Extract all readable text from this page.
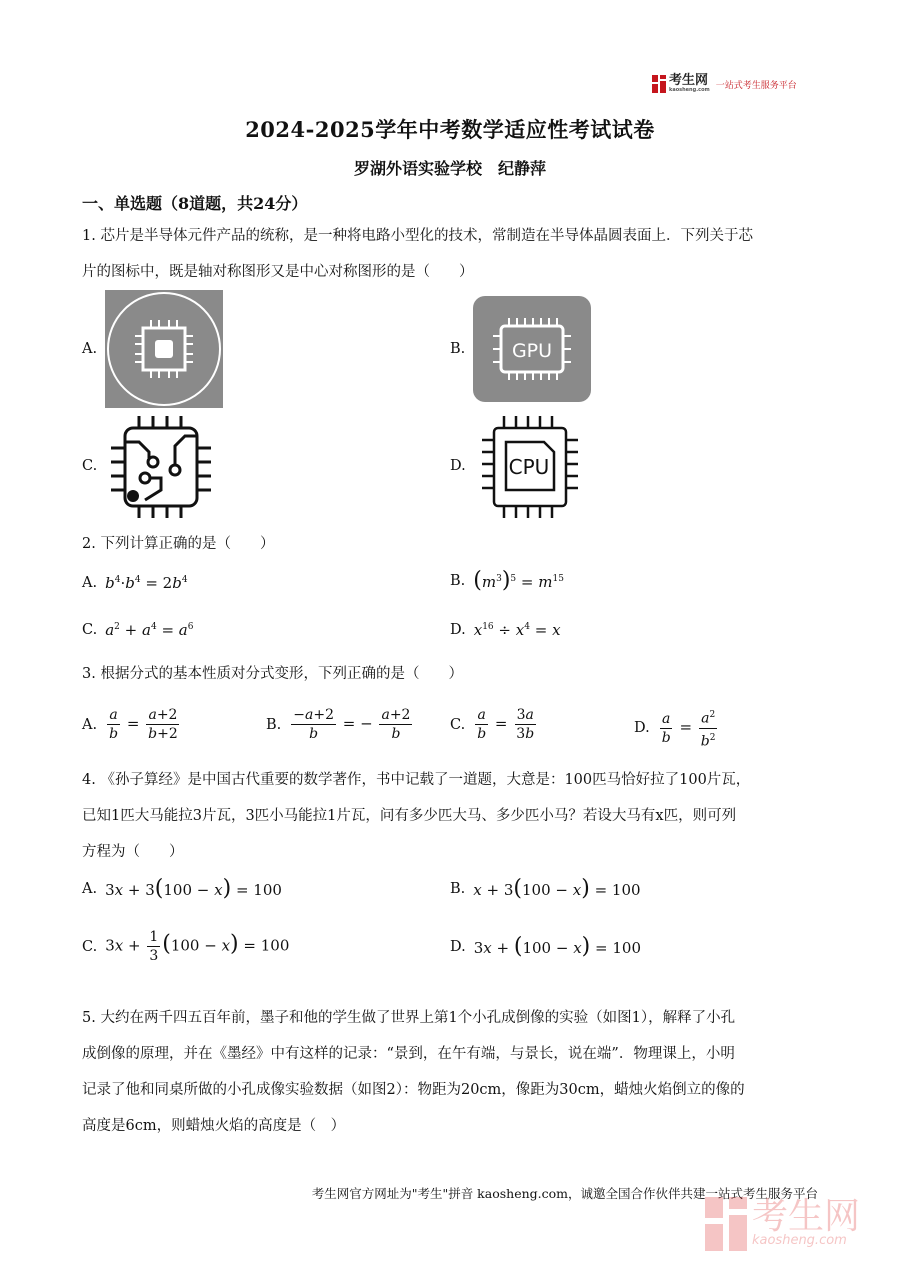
考生网
kaosheng.com 一站式考生服务平台
2024-2025学年中考数学适应性考试试卷
罗湖外语实验学校　纪静萍
一、单选题（8道题，共24分）
1. 芯片是半导体元件产品的统称，是一种将电路小型化的技术，常制造在半导体晶圆表面上．下列关于芯
片的图标中，既是轴对称图形又是中心对称图形的是（　　）
A.	B. GPU
C.	D. CPU
2. 下列计算正确的是（　　）
A. $b^4\cdot b^4 = 2b^4$	B. $(m^3)^5 = m^{15}$
C. $a^2 + a^4 = a^6$	D. $x^{16} \div x^4 = x$
3. 根据分式的基本性质对分式变形，下列正确的是（　　）
A. $\frac{a}{b} = \frac{a+2}{b+2}$	B. $\frac{-a+2}{b}$ = − $\frac{a+2}{b}$	C. $\frac{a}{b} = \frac{3a}{3b}$	D. $\frac{a}{b} = \frac{a^2}{b^2}$
4. 《孙子算经》是中国古代重要的数学著作，书中记载了一道题，大意是：100匹马恰好拉了100片瓦，
已知1匹大马能拉3片瓦，3匹小马能拉1片瓦，问有多少匹大马、多少匹小马？若设大马有x匹，则可列
方程为（　　）
A. 3x + 3(100 − x) = 100	B. x + 3(100 − x) = 100
C. $3x + \frac{1}{3} (100 - x) = 100$	D. 3x + (100 − x) = 100
5. 大约在两千四五百年前，墨子和他的学生做了世界上第1个小孔成倒像的实验（如图1），解释了小孔
成倒像的原理，并在《墨经》中有这样的记录：“景到，在午有端，与景长，说在端”．物理课上，小明
记录了他和同桌所做的小孔成像实验数据（如图2）：物距为20cm，像距为30cm，蜡烛火焰倒立的像的
高度是6cm，则蜡烛火焰的高度是（　）
考生网官方网址为"考生"拼音 kaosheng.com，诚邀全国合作伙伴共建一站式考生服务平台
考生网
kaosheng.com
